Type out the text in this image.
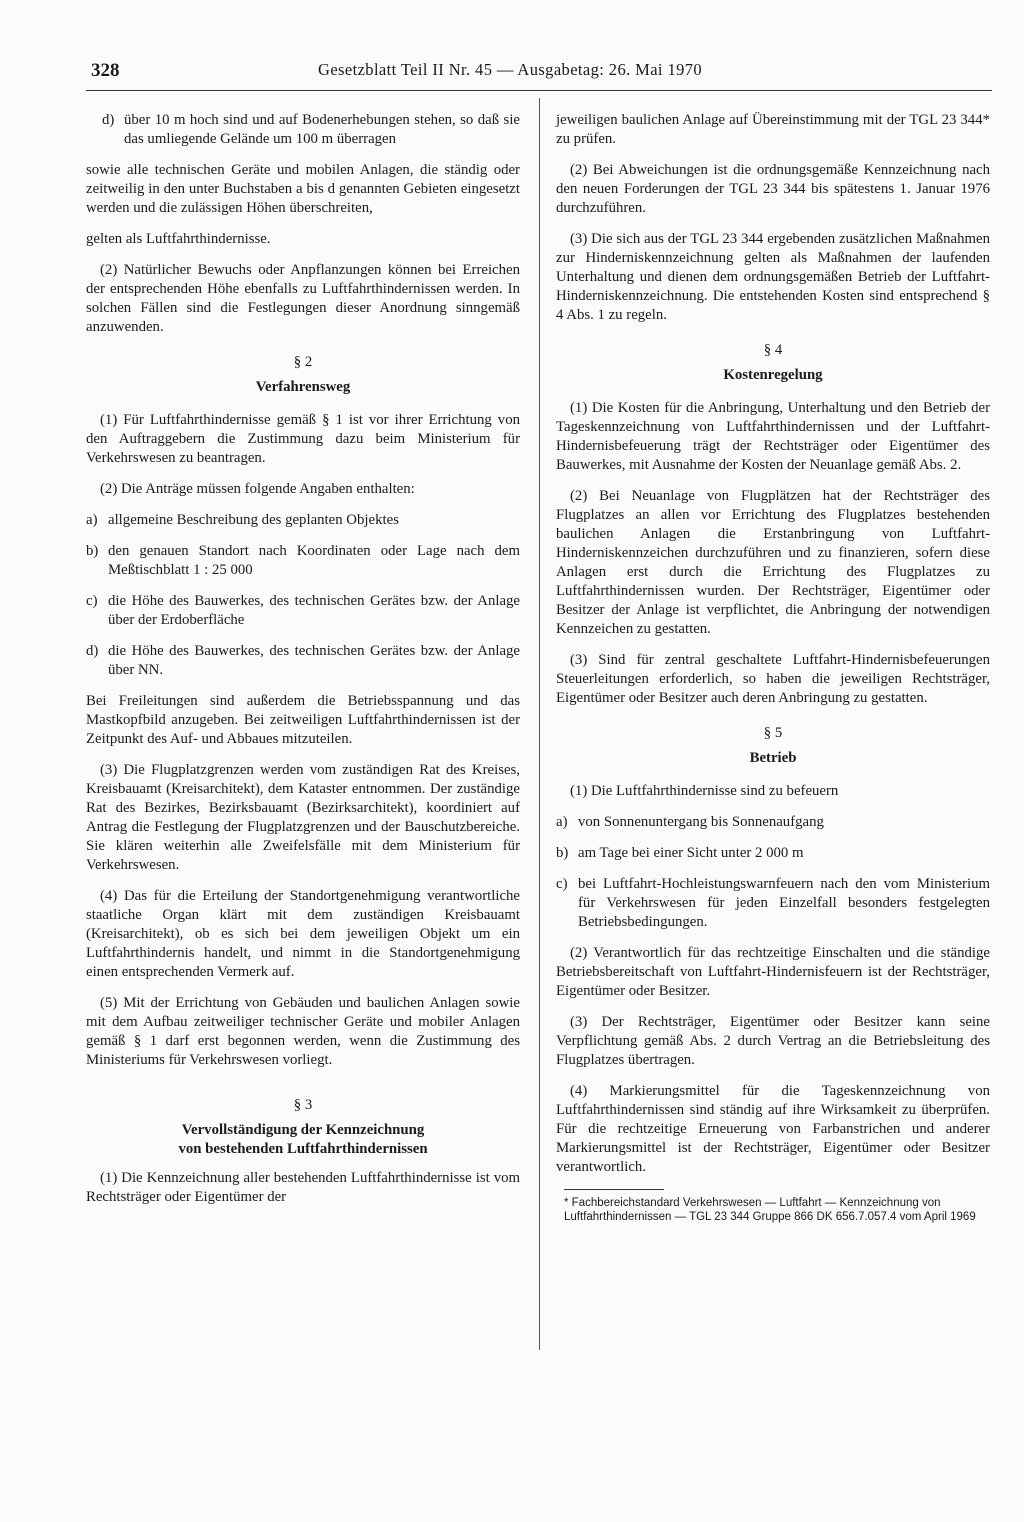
328	Gesetzblatt Teil II Nr. 45 — Ausgabetag: 26. Mai 1970
d) über 10 m hoch sind und auf Bodenerhebungen stehen, so daß sie das umliegende Gelände um 100 m überragen

sowie alle technischen Geräte und mobilen Anlagen, die ständig oder zeitweilig in den unter Buchstaben a bis d genannten Gebieten eingesetzt werden und die zulässigen Höhen überschreiten,

gelten als Luftfahrthindernisse.

(2) Natürlicher Bewuchs oder Anpflanzungen können bei Erreichen der entsprechenden Höhe ebenfalls zu Luftfahrthindernissen werden. In solchen Fällen sind die Festlegungen dieser Anordnung sinngemäß anzuwenden.

§ 2
Verfahrensweg

(1) Für Luftfahrthindernisse gemäß § 1 ist vor ihrer Errichtung von den Auftraggebern die Zustimmung dazu beim Ministerium für Verkehrswesen zu beantragen.

(2) Die Anträge müssen folgende Angaben enthalten:

a) allgemeine Beschreibung des geplanten Objektes
b) den genauen Standort nach Koordinaten oder Lage nach dem Meßtischblatt 1 : 25 000
c) die Höhe des Bauwerkes, des technischen Gerätes bzw. der Anlage über der Erdoberfläche
d) die Höhe des Bauwerkes, des technischen Gerätes bzw. der Anlage über NN.

Bei Freileitungen sind außerdem die Betriebsspannung und das Mastkopfbild anzugeben. Bei zeitweiligen Luftfahrthindernissen ist der Zeitpunkt des Auf- und Abbaues mitzuteilen.

(3) Die Flugplatzgrenzen werden vom zuständigen Rat des Kreises, Kreisbauamt (Kreisarchitekt), dem Kataster entnommen. Der zuständige Rat des Bezirkes, Bezirksbauamt (Bezirksarchitekt), koordiniert auf Antrag die Festlegung der Flugplatzgrenzen und der Bauschutzbereiche. Sie klären weiterhin alle Zweifelsfälle mit dem Ministerium für Verkehrswesen.

(4) Das für die Erteilung der Standortgenehmigung verantwortliche staatliche Organ klärt mit dem zuständigen Kreisbauamt (Kreisarchitekt), ob es sich bei dem jeweiligen Objekt um ein Luftfahrthindernis handelt, und nimmt in die Standortgenehmigung einen entsprechenden Vermerk auf.

(5) Mit der Errichtung von Gebäuden und baulichen Anlagen sowie mit dem Aufbau zeitweiliger technischer Geräte und mobiler Anlagen gemäß § 1 darf erst begonnen werden, wenn die Zustimmung des Ministeriums für Verkehrswesen vorliegt.

§ 3
Vervollständigung der Kennzeichnung
von bestehenden Luftfahrthindernissen

(1) Die Kennzeichnung aller bestehenden Luftfahrthindernisse ist vom Rechtsträger oder Eigentümer der

jeweiligen baulichen Anlage auf Übereinstimmung mit der TGL 23 344* zu prüfen.

(2) Bei Abweichungen ist die ordnungsgemäße Kennzeichnung nach den neuen Forderungen der TGL 23 344 bis spätestens 1. Januar 1976 durchzuführen.

(3) Die sich aus der TGL 23 344 ergebenden zusätzlichen Maßnahmen zur Hinderniskennzeichnung gelten als Maßnahmen der laufenden Unterhaltung und dienen dem ordnungsgemäßen Betrieb der Luftfahrt-Hinderniskennzeichnung. Die entstehenden Kosten sind entsprechend § 4 Abs. 1 zu regeln.

§ 4
Kostenregelung

(1) Die Kosten für die Anbringung, Unterhaltung und den Betrieb der Tageskennzeichnung von Luftfahrthindernissen und der Luftfahrt-Hindernisbefeuerung trägt der Rechtsträger oder Eigentümer des Bauwerkes, mit Ausnahme der Kosten der Neuanlage gemäß Abs. 2.

(2) Bei Neuanlage von Flugplätzen hat der Rechtsträger des Flugplatzes an allen vor Errichtung des Flugplatzes bestehenden baulichen Anlagen die Erstanbringung von Luftfahrt-Hinderniskennzeichen durchzuführen und zu finanzieren, sofern diese Anlagen erst durch die Errichtung des Flugplatzes zu Luftfahrthindernissen wurden. Der Rechtsträger, Eigentümer oder Besitzer der Anlage ist verpflichtet, die Anbringung der notwendigen Kennzeichen zu gestatten.

(3) Sind für zentral geschaltete Luftfahrt-Hindernisbefeuerungen Steuerleitungen erforderlich, so haben die jeweiligen Rechtsträger, Eigentümer oder Besitzer auch deren Anbringung zu gestatten.

§ 5
Betrieb

(1) Die Luftfahrthindernisse sind zu befeuern

a) von Sonnenuntergang bis Sonnenaufgang
b) am Tage bei einer Sicht unter 2 000 m
c) bei Luftfahrt-Hochleistungswarnfeuern nach den vom Ministerium für Verkehrswesen für jeden Einzelfall besonders festgelegten Betriebsbedingungen.

(2) Verantwortlich für das rechtzeitige Einschalten und die ständige Betriebsbereitschaft von Luftfahrt-Hindernisfeuern ist der Rechtsträger, Eigentümer oder Besitzer.

(3) Der Rechtsträger, Eigentümer oder Besitzer kann seine Verpflichtung gemäß Abs. 2 durch Vertrag an die Betriebsleitung des Flugplatzes übertragen.

(4) Markierungsmittel für die Tageskennzeichnung von Luftfahrthindernissen sind ständig auf ihre Wirksamkeit zu überprüfen. Für die rechtzeitige Erneuerung von Farbanstrichen und anderer Markierungsmittel ist der Rechtsträger, Eigentümer oder Besitzer verantwortlich.

* Fachbereichstandard Verkehrswesen — Luftfahrt — Kennzeichnung von Luftfahrthindernissen — TGL 23 344 Gruppe 866 DK 656.7.057.4 vom April 1969
